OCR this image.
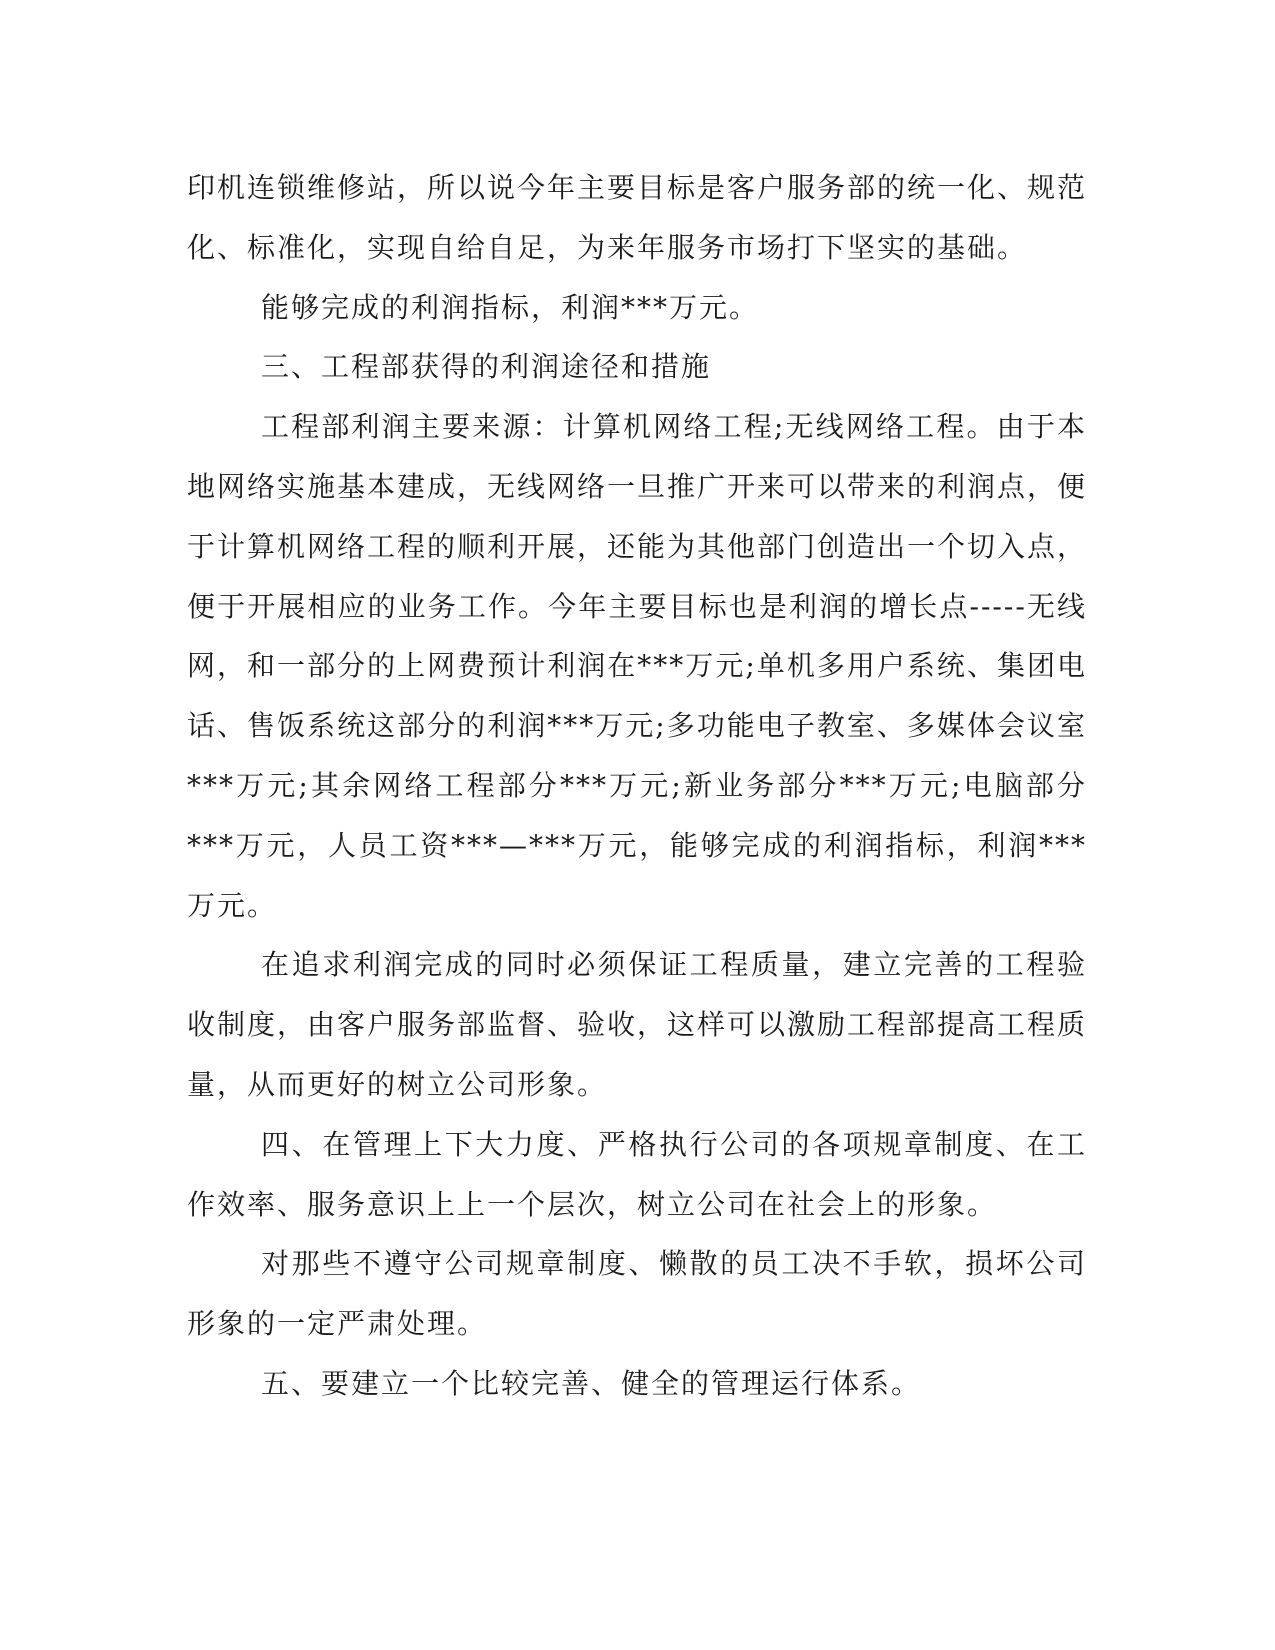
印机连锁维修站，所以说今年主要目标是客户服务部的统一化、规范化、标准化，实现自给自足，为来年服务市场打下坚实的基础。

能够完成的利润指标，利润***万元。

三、工程部获得的利润途径和措施

工程部利润主要来源：计算机网络工程;无线网络工程。由于本地网络实施基本建成，无线网络一旦推广开来可以带来的利润点，便于计算机网络工程的顺利开展，还能为其他部门创造出一个切入点，便于开展相应的业务工作。今年主要目标也是利润的增长点-----无线网，和一部分的上网费预计利润在***万元;单机多用户系统、集团电话、售饭系统这部分的利润***万元;多功能电子教室、多媒体会议室***万元;其余网络工程部分***万元;新业务部分***万元;电脑部分***万元，人员工资***—***万元，能够完成的利润指标，利润***万元。

在追求利润完成的同时必须保证工程质量，建立完善的工程验收制度，由客户服务部监督、验收，这样可以激励工程部提高工程质量，从而更好的树立公司形象。

四、在管理上下大力度、严格执行公司的各项规章制度、在工作效率、服务意识上上一个层次，树立公司在社会上的形象。

对那些不遵守公司规章制度、懒散的员工决不手软，损坏公司形象的一定严肃处理。

五、要建立一个比较完善、健全的管理运行体系。
